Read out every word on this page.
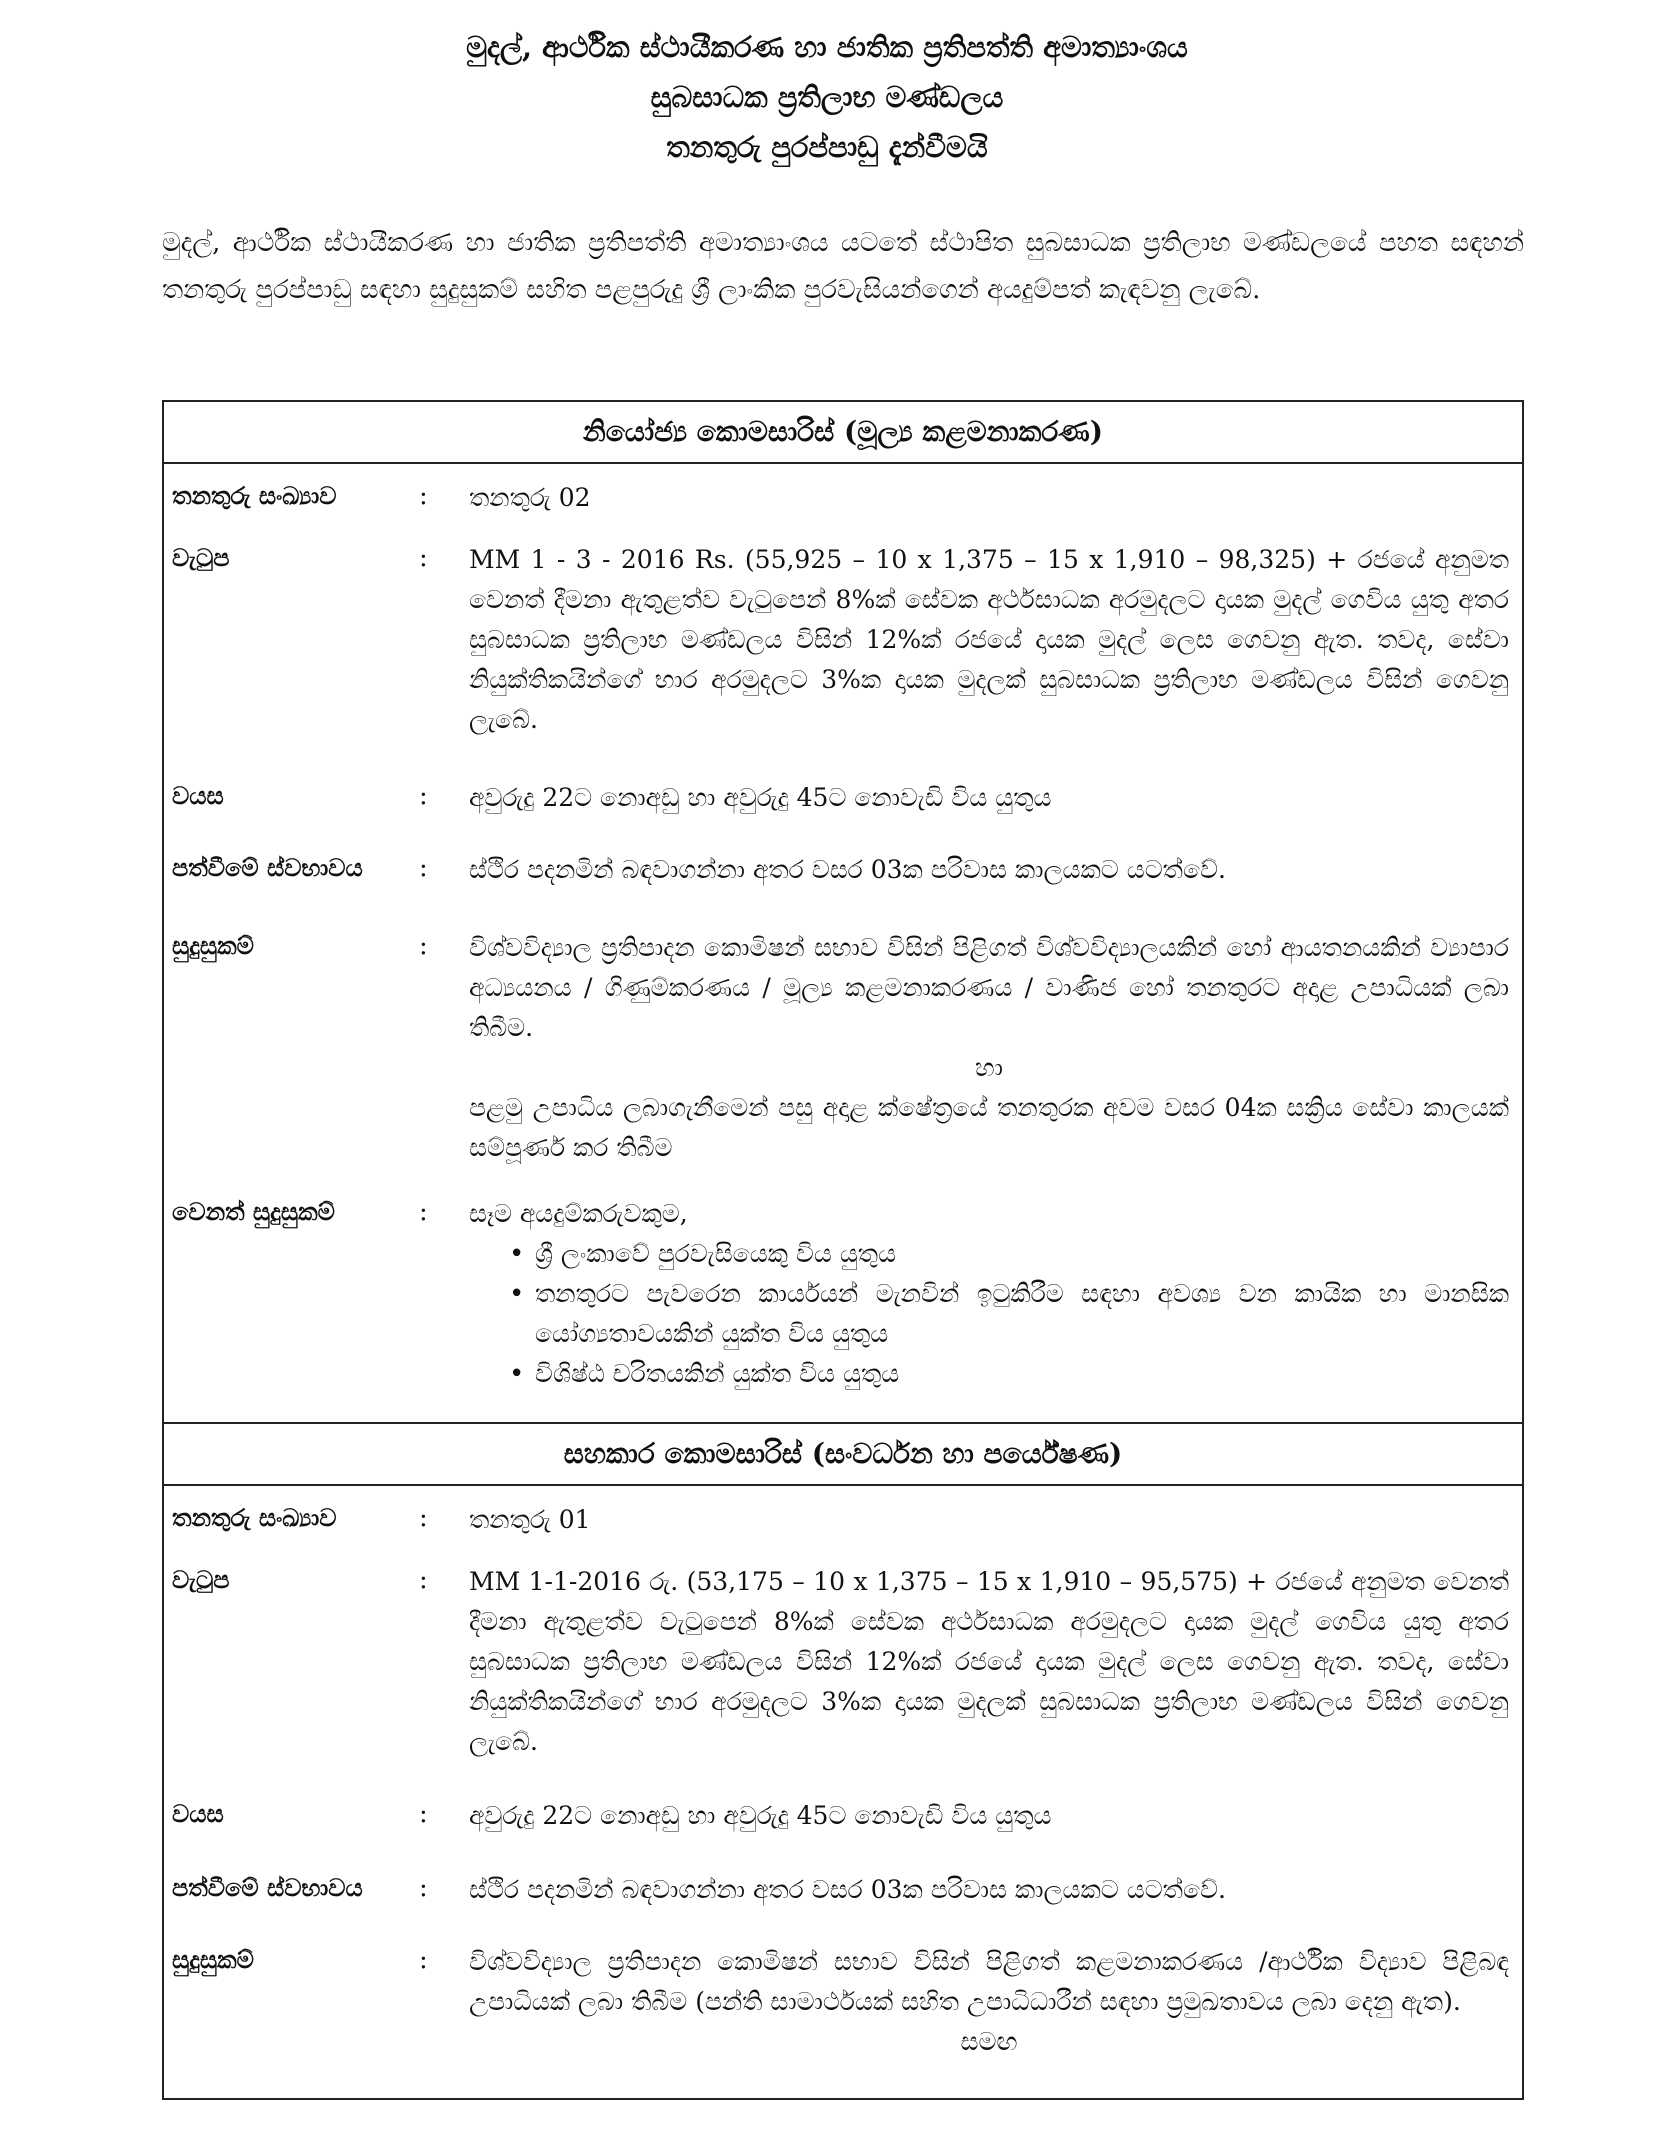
මුදල්, ආර්ථික ස්ථායීකරණ හා ජාතික ප්‍රතිපත්ති අමාත්‍යාංශය
සුබසාධක ප්‍රතිලාභ මණ්ඩලය
තනතුරු පුරප්පාඩු දැන්වීමයි
මුදල්, ආර්ථික ස්ථායීකරණ හා ජාතික ප්‍රතිපත්ති අමාත්‍යාංශය යටතේ ස්ථාපිත සුබසාධක ප්‍රතිලාභ මණ්ඩලයේ පහත සඳහන් තනතුරු පුරප්පාඩු සඳහා සුදුසුකම් සහිත පළපුරුදු ශ්‍රී ලාංකික පුරවැසියන්ගෙන් අයදුම්පත් කැඳවනු ලැබේ.
නියෝජ්‍ය කොමසාරිස් (මූල්‍ය කළමනාකරණ)
තනතුරු සංඛ්‍යාව	:	තනතුරු 02
වැටුප	:	MM 1 - 3 - 2016 Rs. (55,925 – 10 x 1,375 – 15 x 1,910 – 98,325) + රජයේ අනුමත වෙනත් දීමනා ඇතුළත්ව වැටුපෙන් 8%ක් සේවක අර්ථසාධක අරමුදලට දායක මුදල් ගෙවිය යුතු අතර සුබසාධක ප්‍රතිලාභ මණ්ඩලය විසින් 12%ක් රජයේ දායක මුදල් ලෙස ගෙවනු ඇත. තවද, සේවා නියුක්තිකයින්ගේ භාර අරමුදලට 3%ක දායක මුදලක් සුබසාධක ප්‍රතිලාභ මණ්ඩලය විසින් ගෙවනු ලැබේ.
වයස	:	අවුරුදු 22ට නොඅඩු හා අවුරුදු 45ට නොවැඩි විය යුතුය
පත්වීමේ ස්වභාවය	:	ස්ථිර පදනමින් බඳවාගන්නා අතර වසර 03ක පරිවාස කාලයකට යටත්වේ.
සුදුසුකම්	:	විශ්වවිද්‍යාල ප්‍රතිපාදන කොමිෂන් සභාව විසින් පිළිගත් විශ්වවිද්‍යාලයකින් හෝ ආයතනයකින් ව්‍යාපාර අධ්‍යයනය / ගිණුම්කරණය / මූල්‍ය කළමනාකරණය / වාණිජ හෝ තනතුරට අදාළ උපාධියක් ලබා තිබීම.

හා

පළමු උපාධිය ලබාගැනීමෙන් පසු අදාළ ක්ෂේත්‍රයේ තනතුරක අවම වසර 04ක සක්‍රිය සේවා කාලයක් සම්පූර්ණ කර තිබීම

වෙනත් සුදුසුකම්	:	සෑම අයදුම්කරුවකුම,

• ශ්‍රී ලංකාවේ පුරවැසියෙකු විය යුතුය
• තනතුරට පැවරෙන කාර්යයන් මැනවින් ඉටුකිරීම සඳහා අවශ්‍ය වන කායික හා මානසික යෝග්‍යතාවයකින් යුක්ත විය යුතුය
• විශිෂ්ඨ චරිතයකින් යුක්ත විය යුතුය
සහකාර කොමසාරිස් (සංවර්ධන හා පර්යේෂණ)
තනතුරු සංඛ්‍යාව	:	තනතුරු 01
වැටුප	:	MM 1-1-2016 රු. (53,175 – 10 x 1,375 – 15 x 1,910 – 95,575) + රජයේ අනුමත වෙනත් දීමනා ඇතුළත්ව වැටුපෙන් 8%ක් සේවක අර්ථසාධක අරමුදලට දායක මුදල් ගෙවිය යුතු අතර සුබසාධක ප්‍රතිලාභ මණ්ඩලය විසින් 12%ක් රජයේ දායක මුදල් ලෙස ගෙවනු ඇත. තවද, සේවා නියුක්තිකයින්ගේ භාර අරමුදලට 3%ක දායක මුදලක් සුබසාධක ප්‍රතිලාභ මණ්ඩලය විසින් ගෙවනු ලැබේ.
වයස	:	අවුරුදු 22ට නොඅඩු හා අවුරුදු 45ට නොවැඩි විය යුතුය
පත්වීමේ ස්වභාවය	:	ස්ථිර පදනමින් බඳවාගන්නා අතර වසර 03ක පරිවාස කාලයකට යටත්වේ.
සුදුසුකම්	:	විශ්වවිද්‍යාල ප්‍රතිපාදන කොමිෂන් සභාව විසින් පිළිගත් කළමනාකරණය /ආර්ථික විද්‍යාව පිළිබඳ උපාධියක් ලබා තිබීම (පන්ති සාමාර්ථයක් සහිත උපාධිධාරීන් සඳහා ප්‍රමුඛතාවය ලබා දෙනු ඇත).

සමඟ
